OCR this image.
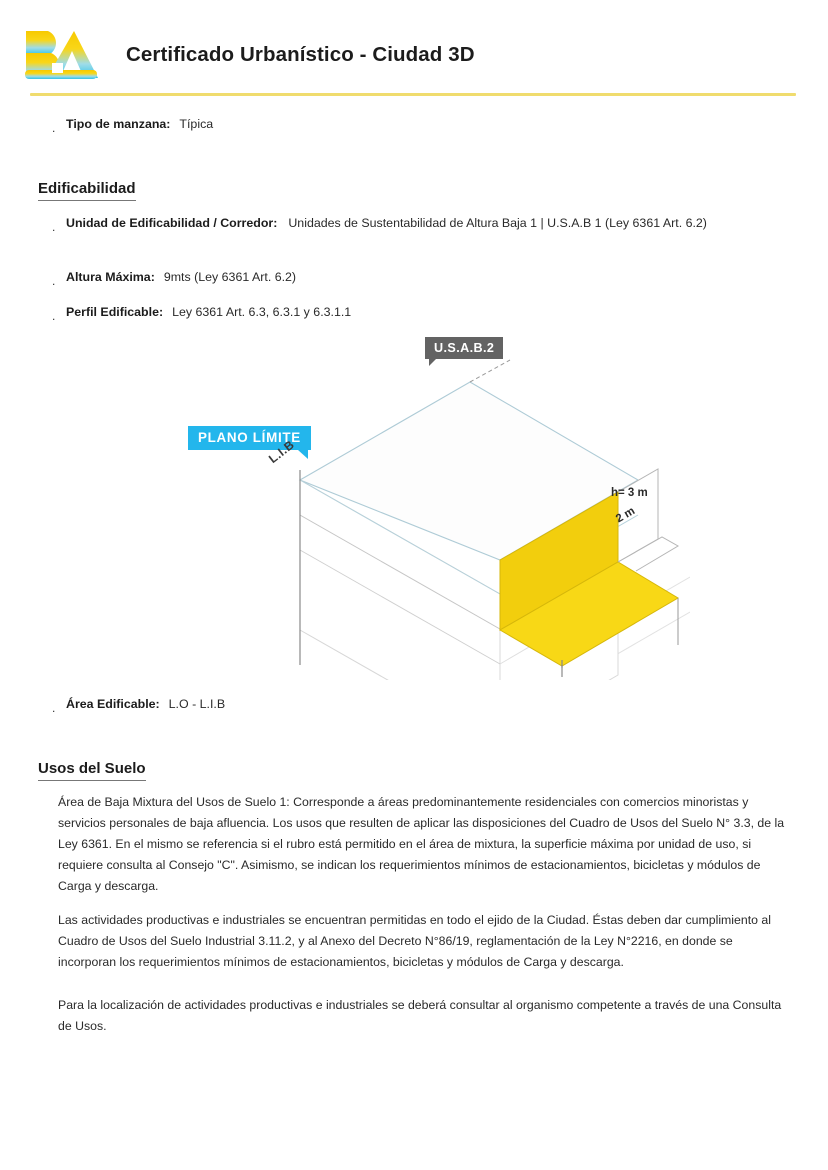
Certificado Urbanístico - Ciudad 3D
. Tipo de manzana: Típica
Edificabilidad
. Unidad de Edificabilidad / Corredor: Unidades de Sustentabilidad de Altura Baja 1 | U.S.A.B 1 (Ley 6361 Art. 6.2)
. Altura Máxima: 9mts (Ley 6361 Art. 6.2)
. Perfil Edificable: Ley 6361 Art. 6.3, 6.3.1 y 6.3.1.1
U.S.A.B.2
PLANO LÍMITE
L.I.B
h= 3 m
2 m
. Área Edificable: L.O - L.I.B
Usos del Suelo
Área de Baja Mixtura del Usos de Suelo 1: Corresponde a áreas predominantemente residenciales con comercios minoristas y servicios personales de baja afluencia. Los usos que resulten de aplicar las disposiciones del Cuadro de Usos del Suelo N° 3.3, de la Ley 6361. En el mismo se referencia si el rubro está permitido en el área de mixtura, la superficie máxima por unidad de uso, si requiere consulta al Consejo "C". Asimismo, se indican los requerimientos mínimos de estacionamientos, bicicletas y módulos de Carga y descarga.
Las actividades productivas e industriales se encuentran permitidas en todo el ejido de la Ciudad. Éstas deben dar cumplimiento al Cuadro de Usos del Suelo Industrial 3.11.2, y al Anexo del Decreto N°86/19, reglamentación de la Ley N°2216, en donde se incorporan los requerimientos mínimos de estacionamientos, bicicletas y módulos de Carga y descarga.
Para la localización de actividades productivas e industriales se deberá consultar al organismo competente a través de una Consulta de Usos.
